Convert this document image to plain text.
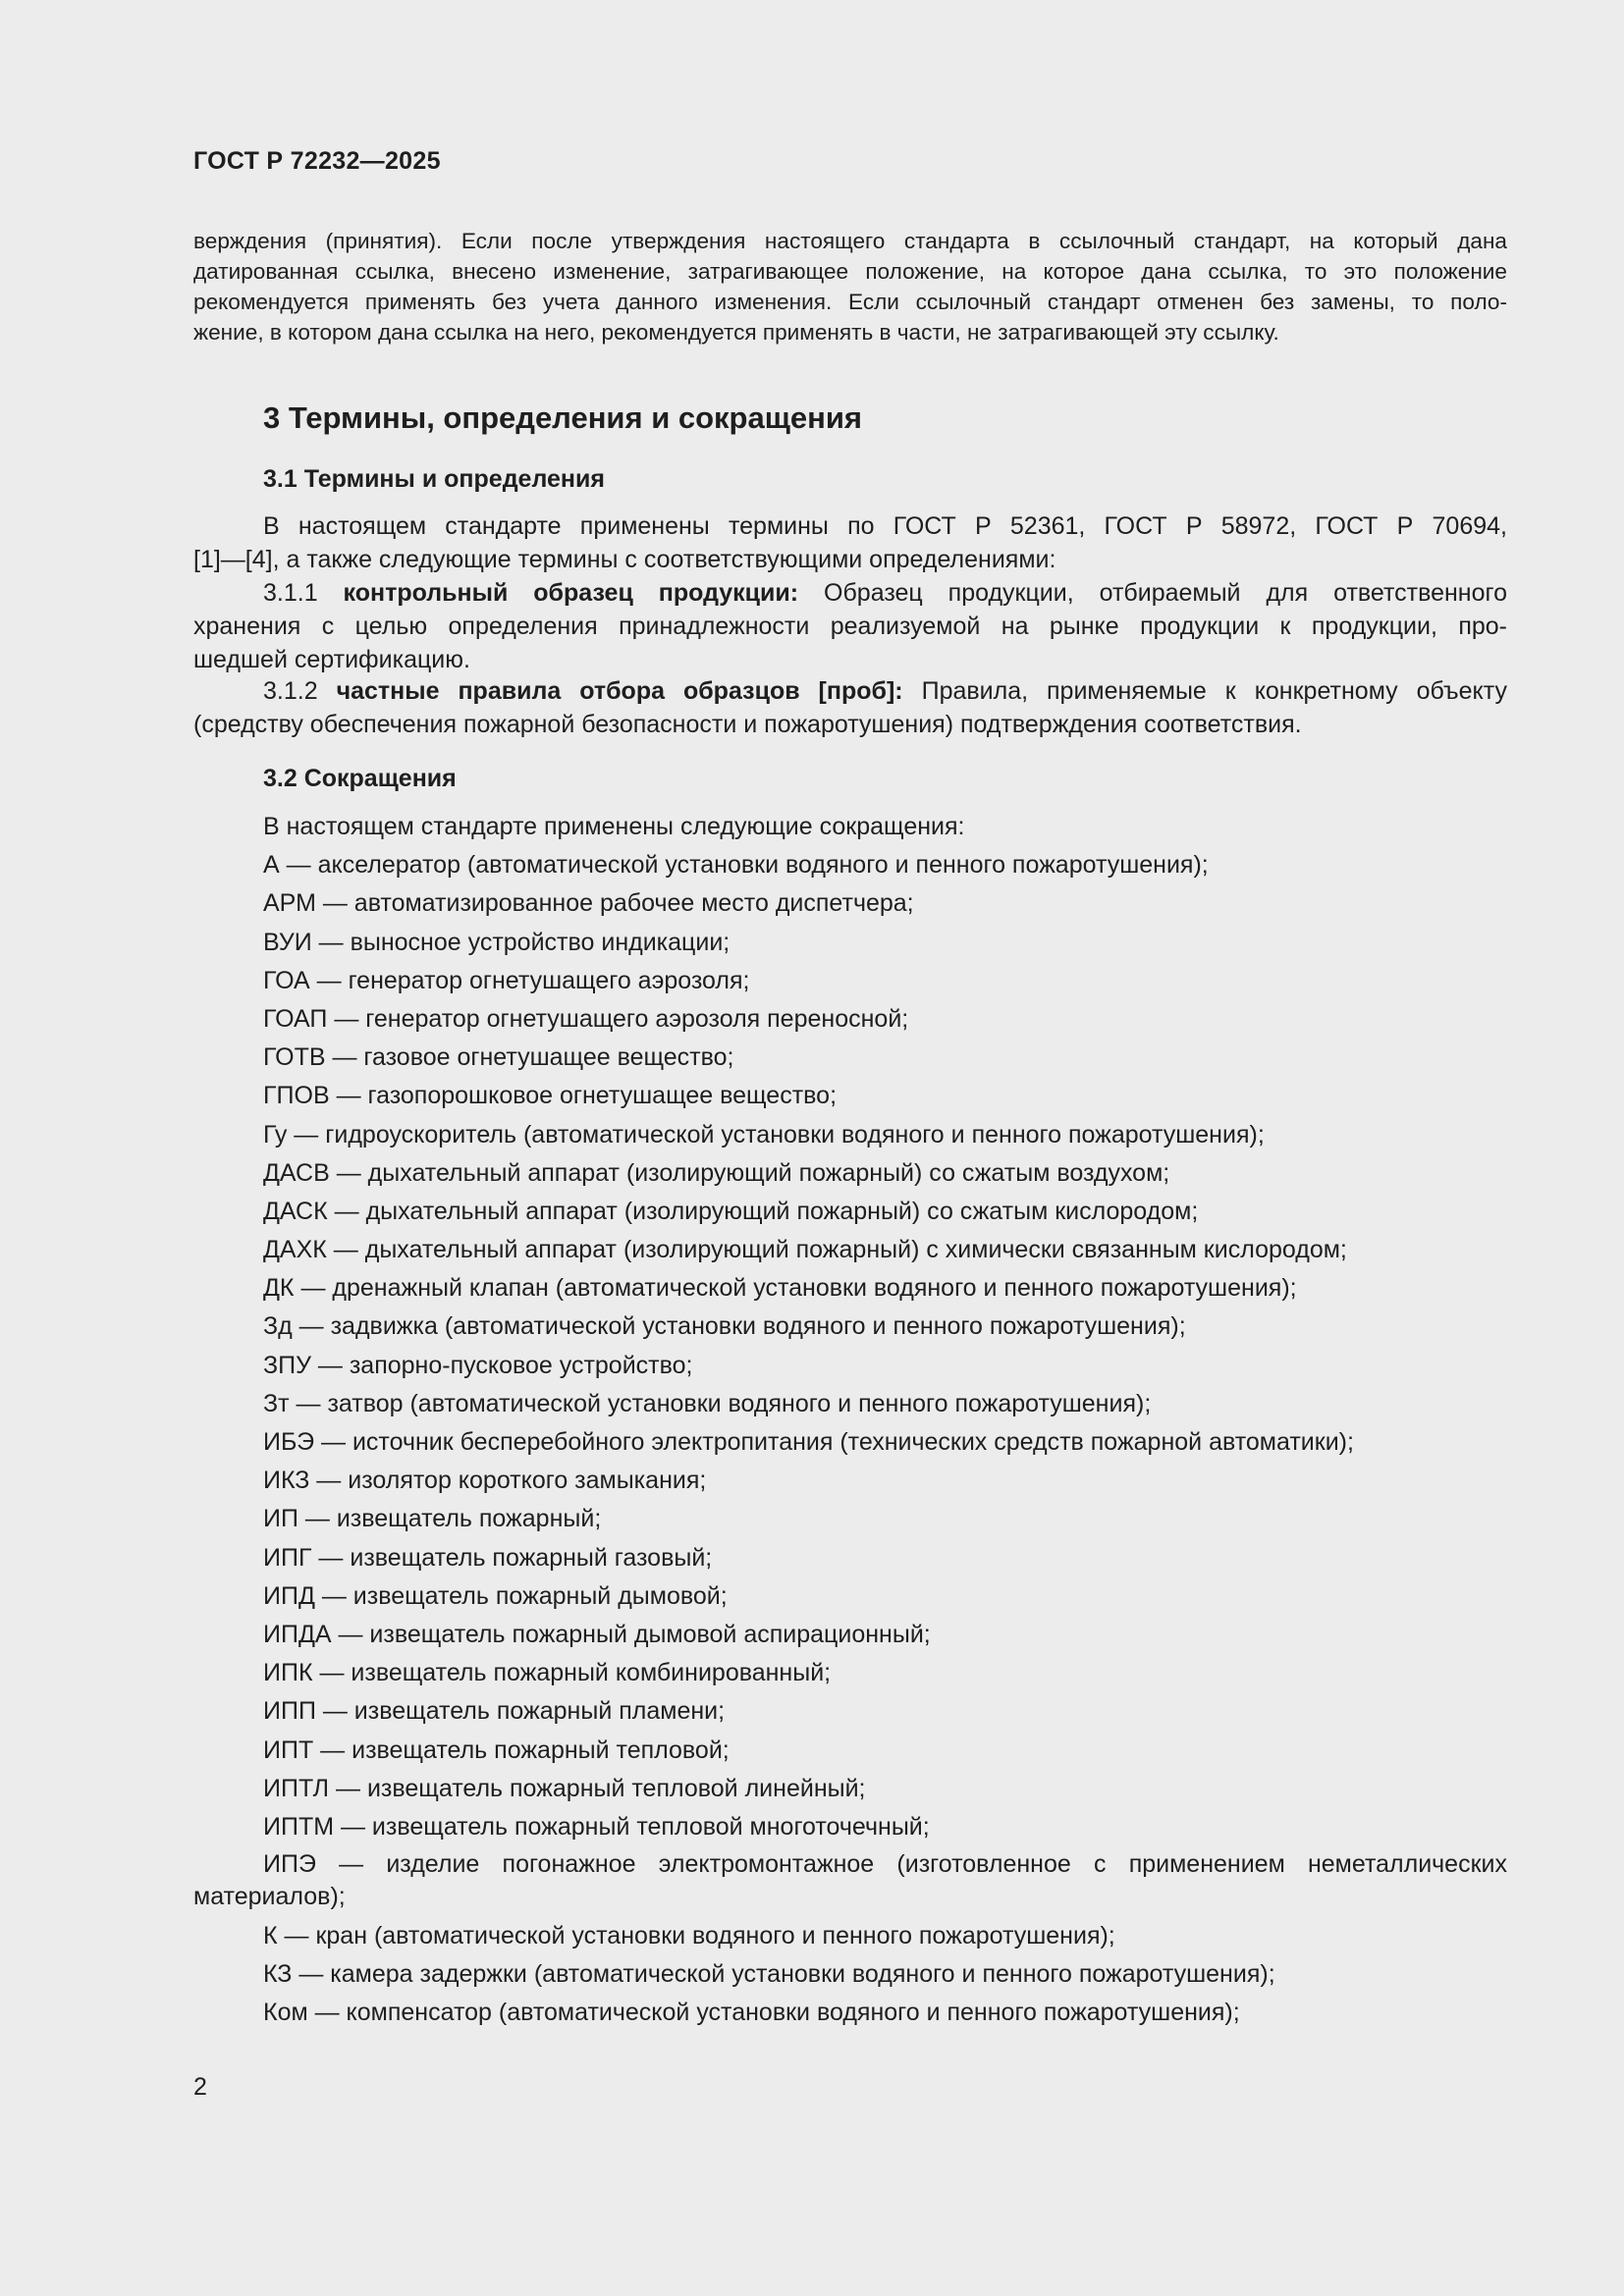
ГОСТ Р 72232—2025
верждения (принятия). Если после утверждения настоящего стандарта в ссылочный стандарт, на который дана
датированная ссылка, внесено изменение, затрагивающее положение, на которое дана ссылка, то это положение
рекомендуется применять без учета данного изменения. Если ссылочный стандарт отменен без замены, то поло-
жение, в котором дана ссылка на него, рекомендуется применять в части, не затрагивающей эту ссылку.
3 Термины, определения и сокращения
3.1 Термины и определения
В настоящем стандарте применены термины по ГОСТ Р 52361, ГОСТ Р 58972, ГОСТ Р 70694,
[1]—[4], а также следующие термины с соответствующими определениями:
3.1.1 контрольный образец продукции: Образец продукции, отбираемый для ответственного
хранения с целью определения принадлежности реализуемой на рынке продукции к продукции, про-
шедшей сертификацию.
3.1.2 частные правила отбора образцов [проб]: Правила, применяемые к конкретному объекту
(средству обеспечения пожарной безопасности и пожаротушения) подтверждения соответствия.
3.2 Сокращения
В настоящем стандарте применены следующие сокращения:
А — акселератор (автоматической установки водяного и пенного пожаротушения);
АРМ — автоматизированное рабочее место диспетчера;
ВУИ — выносное устройство индикации;
ГОА — генератор огнетушащего аэрозоля;
ГОАП — генератор огнетушащего аэрозоля переносной;
ГОТВ — газовое огнетушащее вещество;
ГПОВ — газопорошковое огнетушащее вещество;
Гу — гидроускоритель (автоматической установки водяного и пенного пожаротушения);
ДАСВ — дыхательный аппарат (изолирующий пожарный) со сжатым воздухом;
ДАСК — дыхательный аппарат (изолирующий пожарный) со сжатым кислородом;
ДАХК — дыхательный аппарат (изолирующий пожарный) с химически связанным кислородом;
ДК — дренажный клапан (автоматической установки водяного и пенного пожаротушения);
Зд — задвижка (автоматической установки водяного и пенного пожаротушения);
ЗПУ — запорно-пусковое устройство;
Зт — затвор (автоматической установки водяного и пенного пожаротушения);
ИБЭ — источник бесперебойного электропитания (технических средств пожарной автоматики);
ИКЗ — изолятор короткого замыкания;
ИП — извещатель пожарный;
ИПГ — извещатель пожарный газовый;
ИПД — извещатель пожарный дымовой;
ИПДА — извещатель пожарный дымовой аспирационный;
ИПК — извещатель пожарный комбинированный;
ИПП — извещатель пожарный пламени;
ИПТ — извещатель пожарный тепловой;
ИПТЛ — извещатель пожарный тепловой линейный;
ИПТМ — извещатель пожарный тепловой многоточечный;
ИПЭ — изделие погонажное электромонтажное (изготовленное с применением неметаллических
материалов);
К — кран (автоматической установки водяного и пенного пожаротушения);
КЗ — камера задержки (автоматической установки водяного и пенного пожаротушения);
Ком — компенсатор (автоматической установки водяного и пенного пожаротушения);
2
